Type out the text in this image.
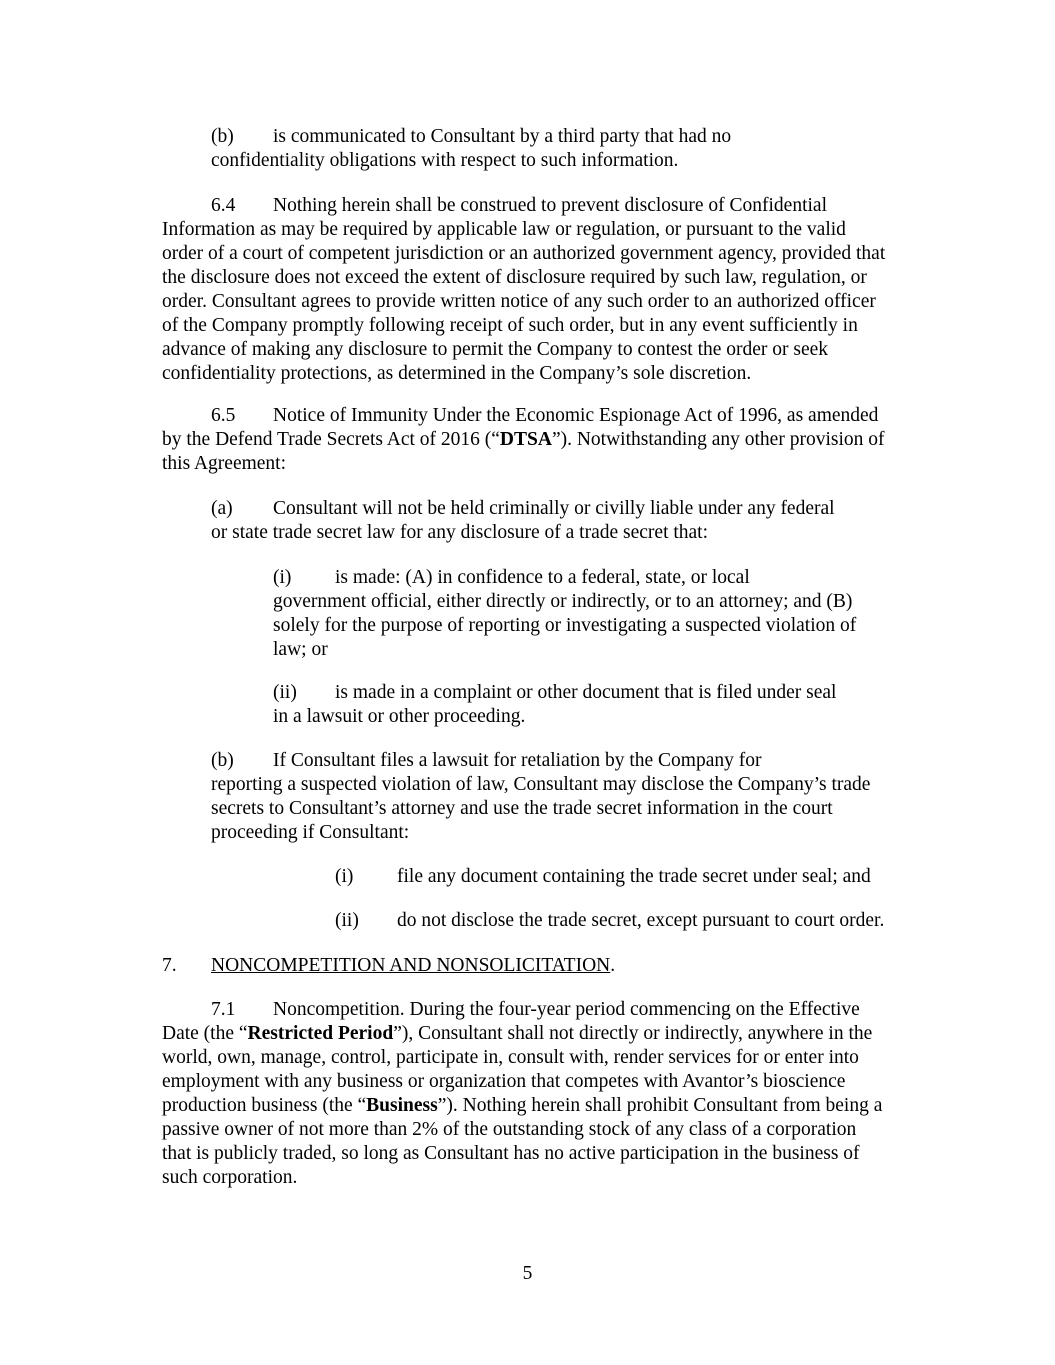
(b) is communicated to Consultant by a third party that had no
confidentiality obligations with respect to such information.
6.4 Nothing herein shall be construed to prevent disclosure of Confidential
Information as may be required by applicable law or regulation, or pursuant to the valid
order of a court of competent jurisdiction or an authorized government agency, provided that
the disclosure does not exceed the extent of disclosure required by such law, regulation, or
order. Consultant agrees to provide written notice of any such order to an authorized officer
of the Company promptly following receipt of such order, but in any event sufficiently in
advance of making any disclosure to permit the Company to contest the order or seek
confidentiality protections, as determined in the Company’s sole discretion.
6.5 Notice of Immunity Under the Economic Espionage Act of 1996, as amended
by the Defend Trade Secrets Act of 2016 (“DTSA”). Notwithstanding any other provision of
this Agreement:
(a) Consultant will not be held criminally or civilly liable under any federal
or state trade secret law for any disclosure of a trade secret that:
(i) is made: (A) in confidence to a federal, state, or local
government official, either directly or indirectly, or to an attorney; and (B)
solely for the purpose of reporting or investigating a suspected violation of
law; or
(ii) is made in a complaint or other document that is filed under seal
in a lawsuit or other proceeding.
(b) If Consultant files a lawsuit for retaliation by the Company for
reporting a suspected violation of law, Consultant may disclose the Company’s trade
secrets to Consultant’s attorney and use the trade secret information in the court
proceeding if Consultant:
(i) file any document containing the trade secret under seal; and
(ii) do not disclose the trade secret, except pursuant to court order.
7. NONCOMPETITION AND NONSOLICITATION.
7.1 Noncompetition. During the four-year period commencing on the Effective
Date (the “Restricted Period”), Consultant shall not directly or indirectly, anywhere in the
world, own, manage, control, participate in, consult with, render services for or enter into
employment with any business or organization that competes with Avantor’s bioscience
production business (the “Business”). Nothing herein shall prohibit Consultant from being a
passive owner of not more than 2% of the outstanding stock of any class of a corporation
that is publicly traded, so long as Consultant has no active participation in the business of
such corporation.
5
